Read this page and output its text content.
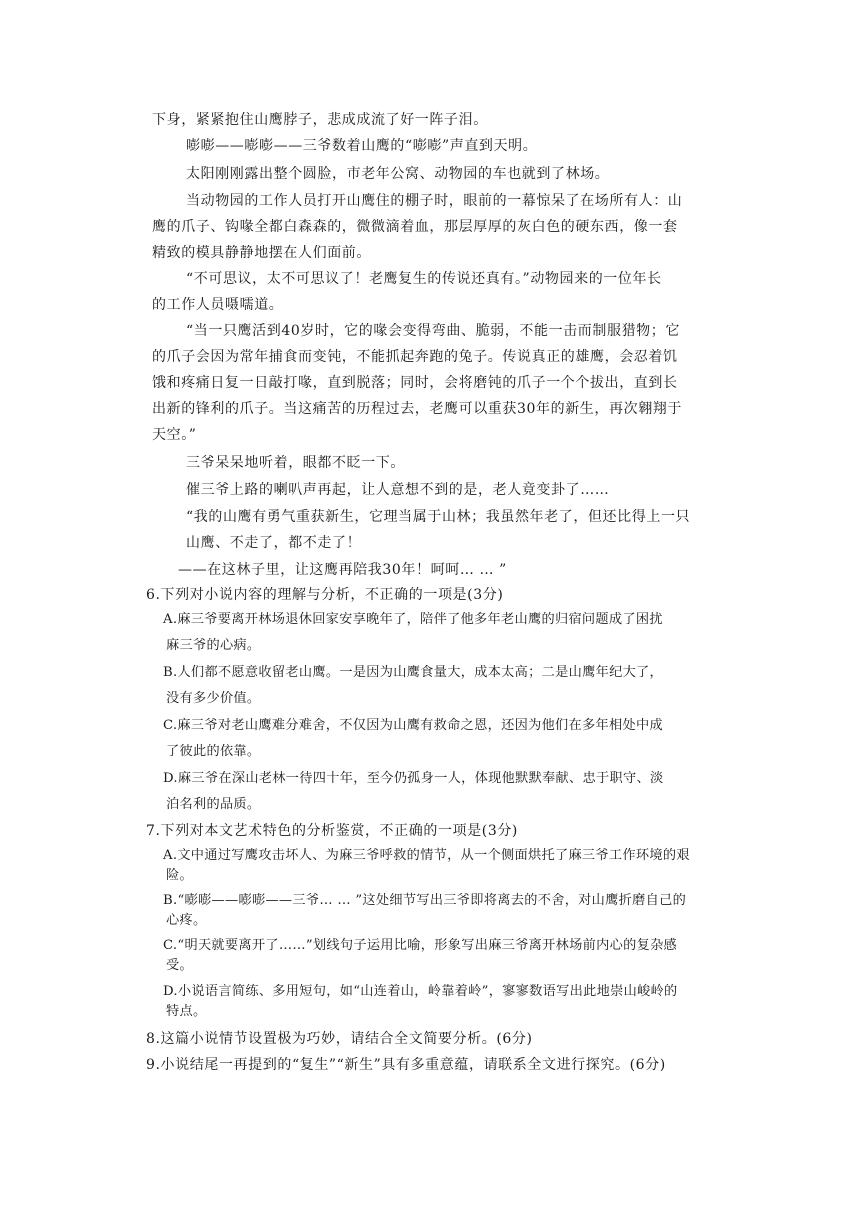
下身，紧紧抱住山鹰脖子，悲成成流了好一阵子泪。
嘭嘭——嘭嘭——三爷数着山鹰的“嘭嘭”声直到天明。
太阳刚刚露出整个圆脸，市老年公窝、动物园的车也就到了林场。
当动物园的工作人员打开山鹰住的棚子时，眼前的一幕惊呆了在场所有人：山
鹰的爪子、钩喙全都白森森的，微微滴着血，那层厚厚的灰白色的硬东西，像一套
精致的模具静静地摆在人们面前。
“不可思议，太不可思议了！老鹰复生的传说还真有。”动物园来的一位年长
的工作人员嗫嚅道。
“当一只鹰活到40岁时，它的喙会变得弯曲、脆弱，不能一击而制服猎物；它
的爪子会因为常年捕食而变钝，不能抓起奔跑的兔子。传说真正的雄鹰，会忍着饥
饿和疼痛日复一日敲打喙，直到脱落；同时，会将磨钝的爪子一个个拔出，直到长
出新的锋利的爪子。当这痛苦的历程过去，老鹰可以重获30年的新生，再次翱翔于
天空。”
三爷呆呆地听着，眼都不眨一下。
催三爷上路的喇叭声再起，让人意想不到的是，老人竟变卦了……
“我的山鹰有勇气重获新生，它理当属于山林；我虽然年老了，但还比得上一只
山鹰、不走了，都不走了！
——在这林子里，让这鹰再陪我30年！呵呵… … ”
6.下列对小说内容的理解与分析，不正确的一项是(3分)
A.麻三爷要离开林场退休回家安享晚年了，陪伴了他多年老山鹰的归宿问题成了困扰
麻三爷的心病。
B.人们都不愿意收留老山鹰。一是因为山鹰食量大，成本太高；二是山鹰年纪大了，
没有多少价值。
C.麻三爷对老山鹰难分难舍，不仅因为山鹰有救命之恩，还因为他们在多年相处中成
了彼此的依靠。
D.麻三爷在深山老林一待四十年，至今仍孤身一人，体现他默默奉献、忠于职守、淡
泊名利的品质。
7.下列对本文艺术特色的分析鉴赏，不正确的一项是(3分)
A.文中通过写鹰攻击坏人、为麻三爷呼救的情节，从一个侧面烘托了麻三爷工作环境的艰
险。
B.“嘭嘭——嘭嘭——三爷… … ”这处细节写出三爷即将离去的不舍，对山鹰折磨自己的
心疼。
C.“明天就要离开了……”划线句子运用比喻，形象写出麻三爷离开林场前内心的复杂感
受。
D.小说语言简练、多用短句，如“山连着山，岭靠着岭”，寥寥数语写出此地崇山峻岭的
特点。
8.这篇小说情节设置极为巧妙，请结合全文简要分析。(6分)
9.小说结尾一再提到的“复生”“新生”具有多重意蕴，请联系全文进行探究。(6分)
